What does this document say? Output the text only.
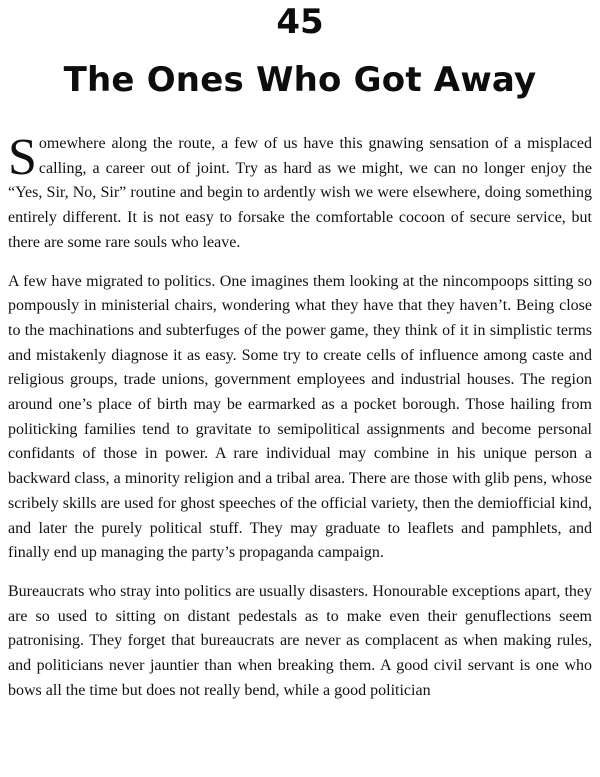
45
The Ones Who Got Away

Somewhere along the route, a few of us have this gnawing sensation of a misplaced calling, a career out of joint. Try as hard as we might, we can no longer enjoy the “Yes, Sir, No, Sir” routine and begin to ardently wish we were elsewhere, doing something entirely different. It is not easy to forsake the comfortable cocoon of secure service, but there are some rare souls who leave.

A few have migrated to politics. One imagines them looking at the nincompoops sitting so pompously in ministerial chairs, wondering what they have that they haven’t. Being close to the machinations and subterfuges of the power game, they think of it in simplistic terms and mistakenly diagnose it as easy. Some try to create cells of influence among caste and religious groups, trade unions, government employees and industrial houses. The region around one’s place of birth may be earmarked as a pocket borough. Those hailing from politicking families tend to gravitate to semipolitical assignments and become personal confidants of those in power. A rare individual may combine in his unique person a backward class, a minority religion and a tribal area. There are those with glib pens, whose scribely skills are used for ghost speeches of the official variety, then the demiofficial kind, and later the purely political stuff. They may graduate to leaflets and pamphlets, and finally end up managing the party’s propaganda campaign.

Bureaucrats who stray into politics are usually disasters. Honourable exceptions apart, they are so used to sitting on distant pedestals as to make even their genuflections seem patronising. They forget that bureaucrats are never as complacent as when making rules, and politicians never jauntier than when breaking them. A good civil servant is one who bows all the time but does not really bend, while a good politician
